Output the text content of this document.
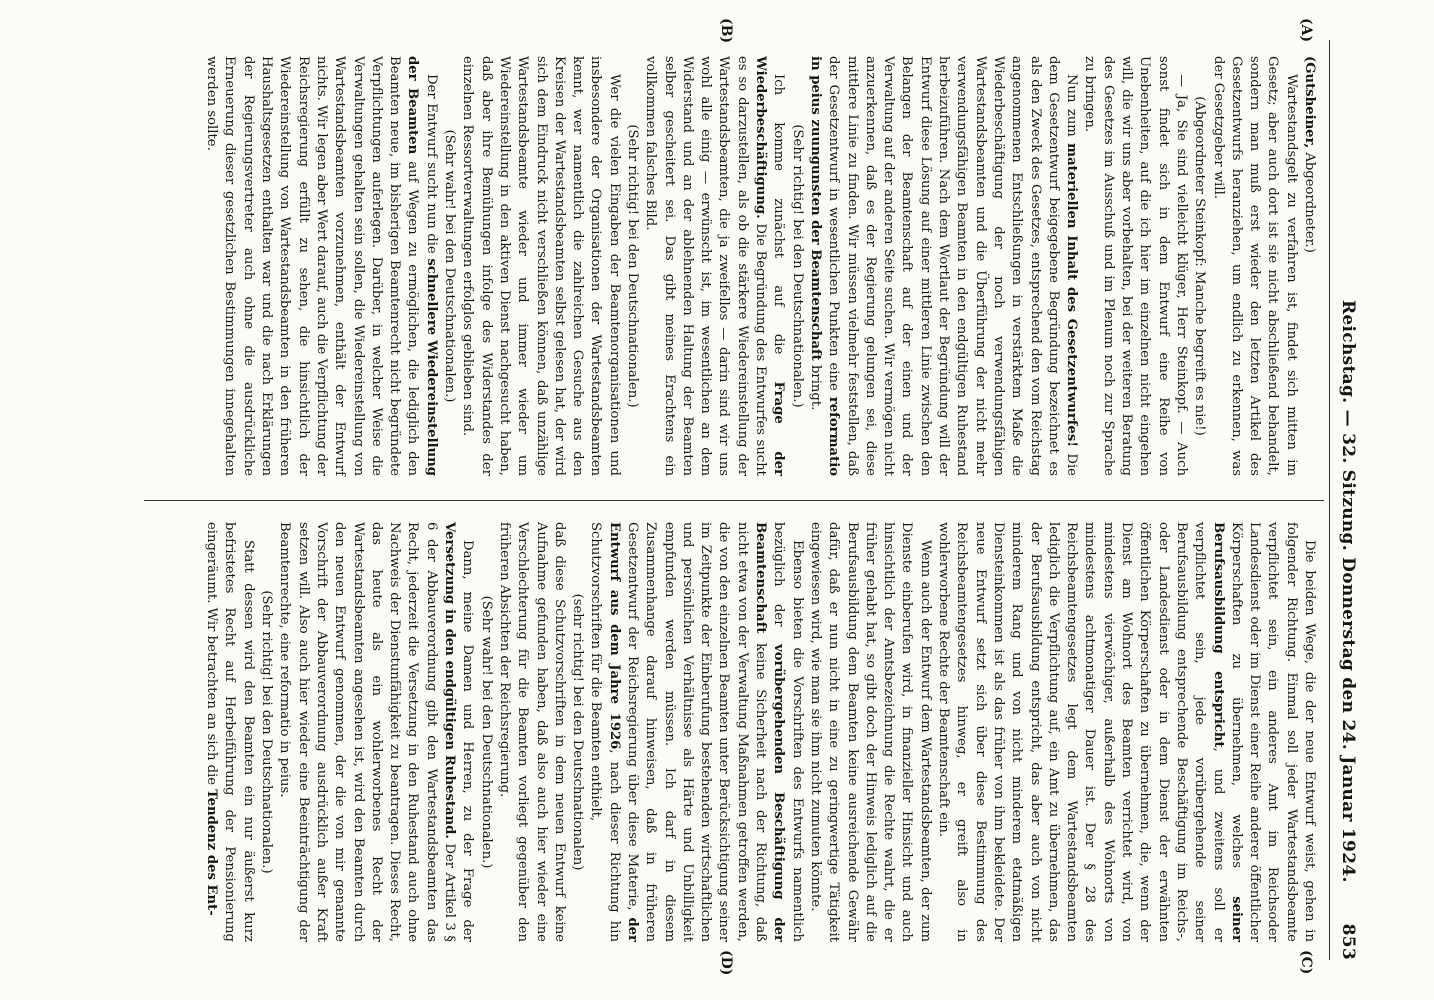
Reichstag. — 32. Sitzung. Donnerstag den 24. Januar 1924.
853
(A)
(B)
(C)
(D)

(Gutsheiner, Abgeordneter.)

Wartestandsgelt zu verfahren ist, findet sich mitten im Gesetz; aber auch dort ist sie nicht abschließend behandelt, sondern man muß erst wieder den letzten Artikel des Gesetzentwurfs heranziehen, um endlich zu erkennen, was der Gesetzgeber will.

(Abgeordneter Steinkopf: Manche begreift es nie!)

— Ja, Sie sind vielleicht klüger, Herr Steinkopf. — Auch sonst findet sich in dem Entwurf eine Reihe von Unebenheiten, auf die ich hier im einzelnen nicht eingehen will, die wir uns aber vorbehalten, bei der weiteren Beratung des Gesetzes im Ausschuß und im Plenum noch zur Sprache zu bringen.

Nun zum materiellen Inhalt des Gesetzentwurfes! Die dem Gesetzentwurf beigegebene Begründung bezeichnet es als den Zweck des Gesetzes, entsprechend den vom Reichstag angenommenen Entschließungen in verstärktem Maße die Wiederbeschäftigung der noch verwendungsfähigen Wartestandsbeamten und die Überführung der nicht mehr verwendungsfähigen Beamten in den endgültigen Ruhestand herbeizuführen. Nach dem Wortlaut der Begründung will der Entwurf diese Lösung auf einer mittleren Linie zwischen den Belangen der Beamtenschaft auf der einen und der Verwaltung auf der anderen Seite suchen. Wir vermögen nicht anzuerkennen, daß es der Regierung gelungen sei, diese mittlere Linie zu finden. Wir müssen vielmehr feststellen, daß der Gesetzentwurf in wesentlichen Punkten eine reformatio in peius zuungunsten der Beamtenschaft bringt.

(Sehr richtig! bei den Deutschnationalen.)

Ich komme zunächst auf die Frage der Wiederbeschäftigung. Die Begründung des Entwurfes sucht es so darzustellen, als ob die stärkere Wiedereinstellung der Wartestandsbeamten, die ja zweifellos — darin sind wir uns wohl alle einig — erwünscht ist, im wesentlichen an dem Widerstand und an der ablehnenden Haltung der Beamten selber gescheitert sei. Das gibt meines Erachtens ein vollkommen falsches Bild.

(Sehr richtig! bei den Deutschnationalen.)

Wer die vielen Eingaben der Beamtenorganisationen und insbesondere der Organisationen der Wartestandsbeamten kennt, wer namentlich die zahlreichen Gesuche aus den Kreisen der Wartestandsbeamten selbst gelesen hat, der wird sich dem Eindruck nicht verschließen können, daß unzählige Wartestandsbeamte wieder und immer wieder um Wiedereinstellung in den aktiven Dienst nachgesucht haben, daß aber ihre Bemühungen infolge des Widerstandes der einzelnen Ressortverwaltungen erfolglos geblieben sind.

(Sehr wahr! bei den Deutschnationalen.)

Der Entwurf sucht nun die schnellere Wiedereinstellung der Beamten auf Wegen zu ermöglichen, die lediglich den Beamten neue, im bisherigen Beamtenrecht nicht begründete Verpflichtungen auferlegen. Darüber, in welcher Weise die Verwaltungen gehalten sein sollen, die Wiedereinstellung von Wartestandsbeamten vorzunehmen, enthält der Entwurf nichts. Wir legen aber Wert darauf, auch die Verpflichtung der Reichsregierung erfüllt zu sehen, die hinsichtlich der Wiedereinstellung von Wartestandsbeamten in den früheren Haushaltsgesetzen enthalten war und die nach Erklärungen der Regierungsvertreter auch ohne die ausdrückliche Erneuerung dieser gesetzlichen Bestimmungen innegehalten werden sollte.

Die beiden Wege, die der neue Entwurf weist, gehen in folgender Richtung. Einmal soll jeder Wartestandsbeamte verpflichtet sein, ein anderes Amt im Reichsoder Landesdienst oder im Dienst einer Reihe anderer öffentlicher Körperschaften zu übernehmen, welches seiner Berufsausbildung entspricht, und zweitens soll er verpflichtet sein, jede vorübergehende seiner Berufsausbildung entsprechende Beschäftigung im Reichs-, oder Landesdienst oder in dem Dienst der erwähnten öffentlichen Körperschaften zu übernehmen, die, wenn der Dienst am Wohnort des Beamten verrichtet wird, von mindestens vierwöchiger, außerhalb des Wohnorts von mindestens achtmonatiger Dauer ist. Der § 28 des Reichsbeamtengesetzes legt dem Wartestandsbeamten lediglich die Verpflichtung auf, ein Amt zu übernehmen, das der Berufsausbildung entspricht, das aber auch von nicht minderem Rang und von nicht minderem etatmäßigen Diensteinkommen ist als das früher von ihm bekleidete. Der neue Entwurf setzt sich über diese Bestimmung des Reichsbeamtengesetzes hinweg, er greift also in wohlerworbene Rechte der Beamtenschaft ein.

Wenn auch der Entwurf dem Wartestandsbeamten, der zum Dienste einberufen wird, in finanzieller Hinsicht und auch hinsichtlich der Amtsbezeichnung die Rechte wahrt, die er früher gehabt hat, so gibt doch der Hinweis lediglich auf die Berufsausbildung dem Beamten keine ausreichende Gewähr dafür, daß er nun nicht in eine zu geringwertige Tätigkeit eingewiesen wird, wie man sie ihm nicht zumuten könnte.

Ebenso bieten die Vorschriften des Entwurfs namentlich bezüglich der vorübergehenden Beschäftigung der Beamtenschaft keine Sicherheit nach der Richtung, daß nicht etwa von der Verwaltung Maßnahmen getroffen werden, die von den einzelnen Beamten unter Berücksichtigung seiner im Zeitpunkte der Einberufung bestehenden wirtschaftlichen und persönlichen Verhältnisse als Härte und Unbilligkeit empfunden werden müssen. Ich darf in diesem Zusammenhange darauf hinweisen, daß in früheren Gesetzentwurf der Reichsregierung über diese Materie, der Entwurf aus dem Jahre 1926, nach dieser Richtung hin Schutzvorschriften für die Beamten enthielt,

(sehr richtig! bei den Deutschnationalen)

daß diese Schutzvorschriften in dem neuen Entwurf keine Aufnahme gefunden haben, daß also auch hier wieder eine Verschlechterung für die Beamten vorliegt gegenüber den früheren Absichten der Reichsregierung.

(Sehr wahr! bei den Deutschnationalen.)

Dann, meine Damen und Herren, zu der Frage der Versetzung in den endgültigen Ruhestand. Der Artikel 3 § 6 der Abbauverordnung gibt den Wartestandsbeamten das Recht, jederzeit die Versetzung in den Ruhestand auch ohne Nachweis der Dienstunfähigkeit zu beantragen. Dieses Recht, das heute als ein wohlerworbenes Recht der Wartestandsbeamten angesehen ist, wird den Beamten durch den neuen Entwurf genommen, der die von mir genannte Vorschrift der Abbauverordnung ausdrücklich außer Kraft setzen will. Also auch hier wieder eine Beeinträchtigung der Beamtenrechte, eine reformatio in peius.

(Sehr richtig! bei den Deutschnationalen.)

Statt dessen wird den Beamten ein nur äußerst kurz befristetes Recht auf Herbeiführung der Pensionierung eingeräumt. Wir betrachten an sich die Tendenz des Ent-
